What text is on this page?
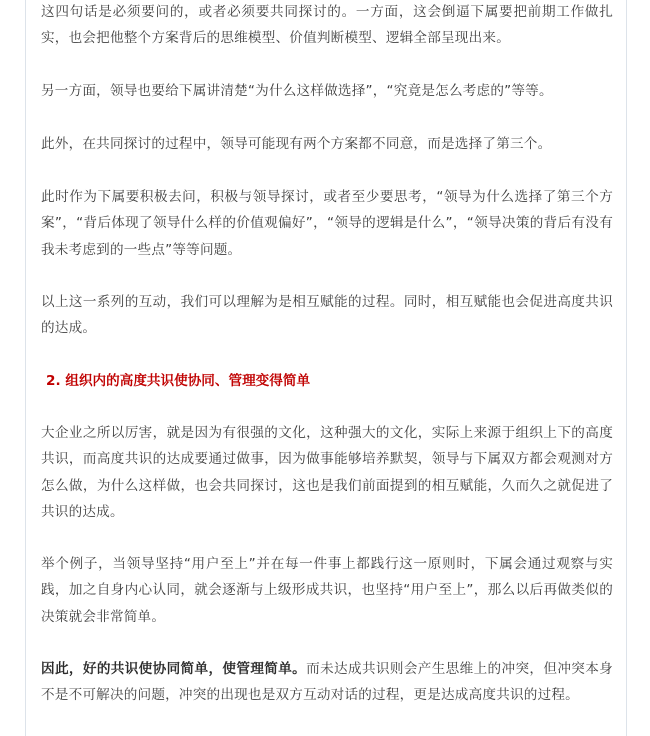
这四句话是必须要问的，或者必须要共同探讨的。一方面，这会倒逼下属要把前期工作做扎实，也会把他整个方案背后的思维模型、价值判断模型、逻辑全部呈现出来。

另一方面，领导也要给下属讲清楚“为什么这样做选择”，“究竟是怎么考虑的”等等。

此外，在共同探讨的过程中，领导可能现有两个方案都不同意，而是选择了第三个。

此时作为下属要积极去问，积极与领导探讨，或者至少要思考，“领导为什么选择了第三个方案”，“背后体现了领导什么样的价值观偏好”，“领导的逻辑是什么”，“领导决策的背后有没有我未考虑到的一些点”等等问题。

以上这一系列的互动，我们可以理解为是相互赋能的过程。同时，相互赋能也会促进高度共识的达成。

2. 组织内的高度共识使协同、管理变得简单

大企业之所以厉害，就是因为有很强的文化，这种强大的文化，实际上来源于组织上下的高度共识，而高度共识的达成要通过做事，因为做事能够培养默契，领导与下属双方都会观测对方怎么做，为什么这样做，也会共同探讨，这也是我们前面提到的相互赋能，久而久之就促进了共识的达成。

举个例子，当领导坚持“用户至上”并在每一件事上都践行这一原则时，下属会通过观察与实践，加之自身内心认同，就会逐渐与上级形成共识，也坚持“用户至上”，那么以后再做类似的决策就会非常简单。

因此，好的共识使协同简单，使管理简单。而未达成共识则会产生思维上的冲突，但冲突本身不是不可解决的问题，冲突的出现也是双方互动对话的过程，更是达成高度共识的过程。
